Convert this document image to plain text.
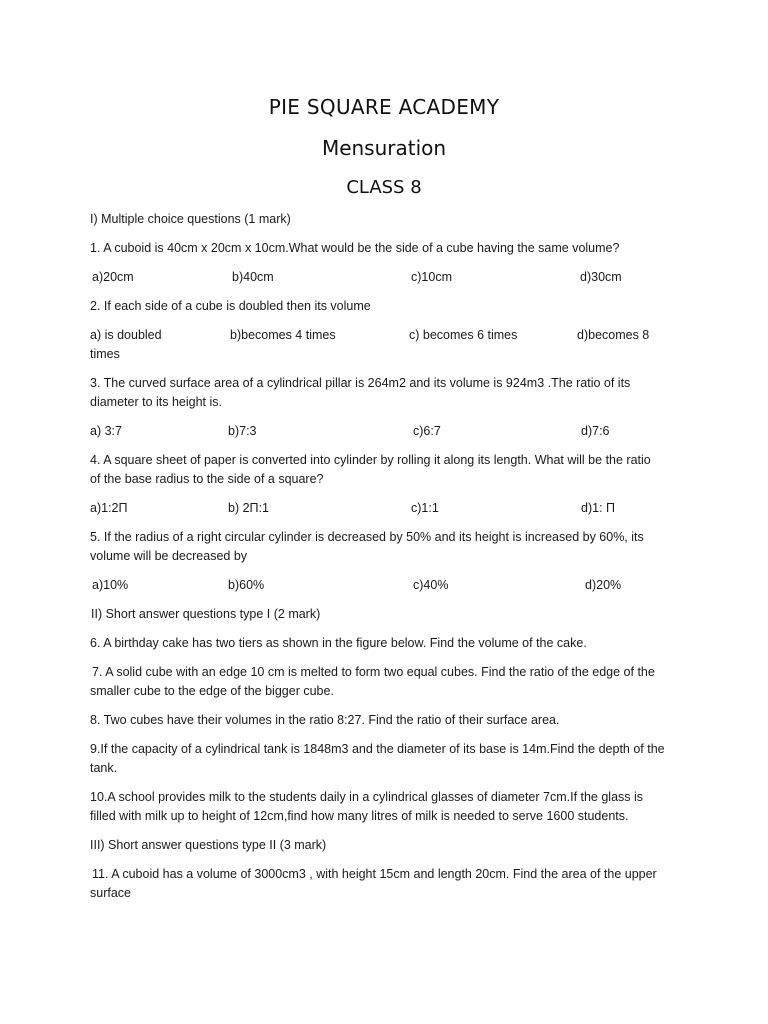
PIE SQUARE ACADEMY
Mensuration
CLASS 8

I) Multiple choice questions (1 mark)

1. A cuboid is 40cm x 20cm x 10cm.What would be the side of a cube having the same volume?

a)20cm	b)40cm	c)10cm	d)30cm

2. If each side of a cube is doubled then its volume

a) is doubled	b)becomes 4 times	c) becomes 6 times	d)becomes 8

times

3. The curved surface area of a cylindrical pillar is 264m2 and its volume is 924m3 .The ratio of its

diameter to its height is.

a) 3:7	b)7:3	c)6:7	d)7:6

4. A square sheet of paper is converted into cylinder by rolling it along its length. What will be the ratio

of the base radius to the side of a square?

a)1:2Π	b) 2Π:1	c)1:1	d)1: Π

5. If the radius of a right circular cylinder is decreased by 50% and its height is increased by 60%, its

volume will be decreased by

a)10%	b)60%	c)40%	d)20%

II) Short answer questions type I (2 mark)

6. A birthday cake has two tiers as shown in the figure below. Find the volume of the cake.

7. A solid cube with an edge 10 cm is melted to form two equal cubes. Find the ratio of the edge of the

smaller cube to the edge of the bigger cube.

8. Two cubes have their volumes in the ratio 8:27. Find the ratio of their surface area.

9.If the capacity of a cylindrical tank is 1848m3 and the diameter of its base is 14m.Find the depth of the

tank.

10.A school provides milk to the students daily in a cylindrical glasses of diameter 7cm.If the glass is

filled with milk up to height of 12cm,find how many litres of milk is needed to serve 1600 students.

III) Short answer questions type II (3 mark)

11. A cuboid has a volume of 3000cm3 , with height 15cm and length 20cm. Find the area of the upper

surface
